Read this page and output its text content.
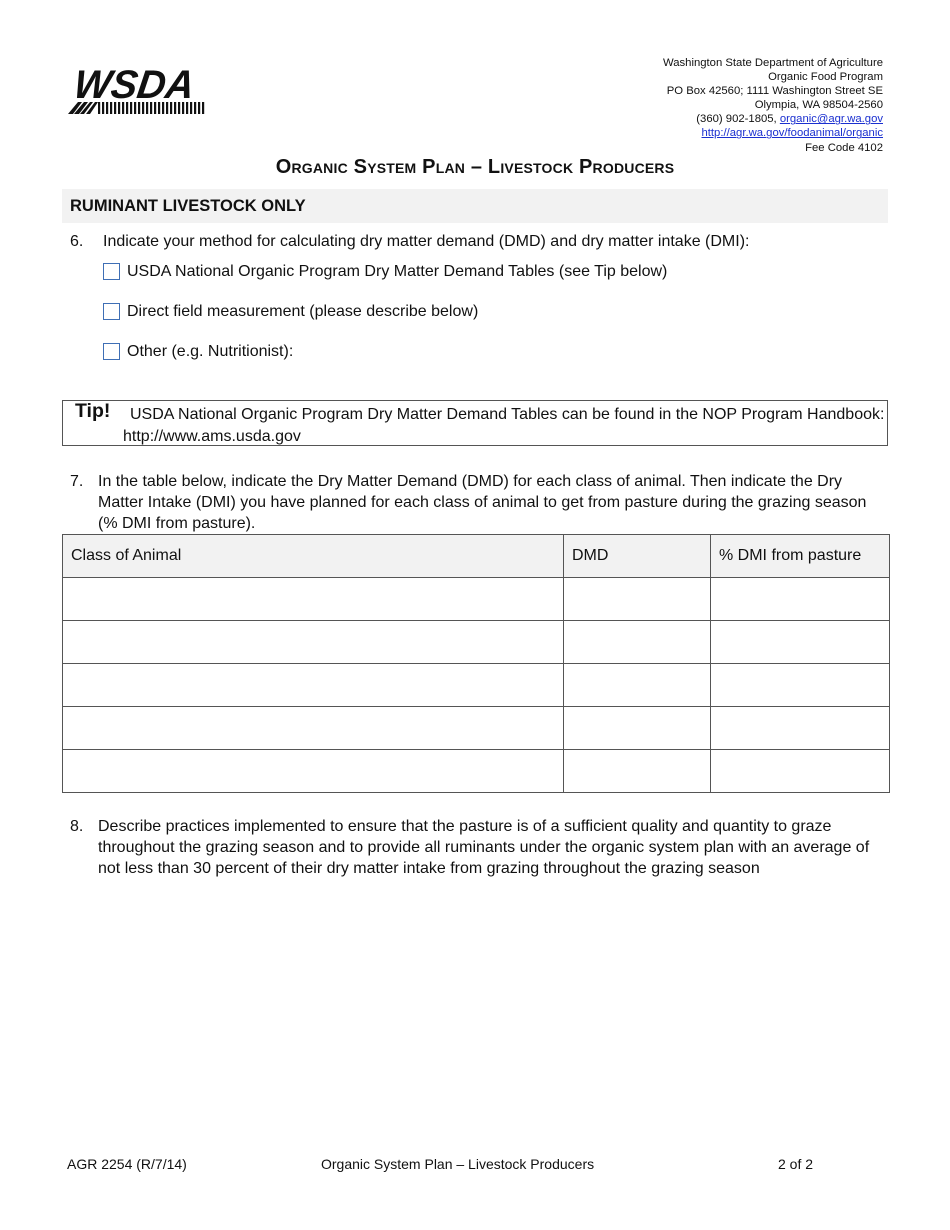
WSDA	Washington State Department of Agriculture
Organic Food Program
PO Box 42560; 1111 Washington Street SE
Olympia, WA 98504-2560
(360) 902-1805, organic@agr.wa.gov
http://agr.wa.gov/foodanimal/organic
Fee Code 4102
Organic System Plan – Livestock Producers
RUMINANT LIVESTOCK ONLY
6. Indicate your method for calculating dry matter demand (DMD) and dry matter intake (DMI):
USDA National Organic Program Dry Matter Demand Tables (see Tip below)
Direct field measurement (please describe below)
Other (e.g. Nutritionist):
Tip! USDA National Organic Program Dry Matter Demand Tables can be found in the NOP Program Handbook:
http://www.ams.usda.gov
7. In the table below, indicate the Dry Matter Demand (DMD) for each class of animal. Then indicate the Dry Matter Intake (DMI) you have planned for each class of animal to get from pasture during the grazing season (% DMI from pasture).
Class of Animal	DMD	% DMI from pasture

8. Describe practices implemented to ensure that the pasture is of a sufficient quality and quantity to graze throughout the grazing season and to provide all ruminants under the organic system plan with an average of not less than 30 percent of their dry matter intake from grazing throughout the grazing season
AGR 2254 (R/7/14)	Organic System Plan – Livestock Producers	2 of 2
